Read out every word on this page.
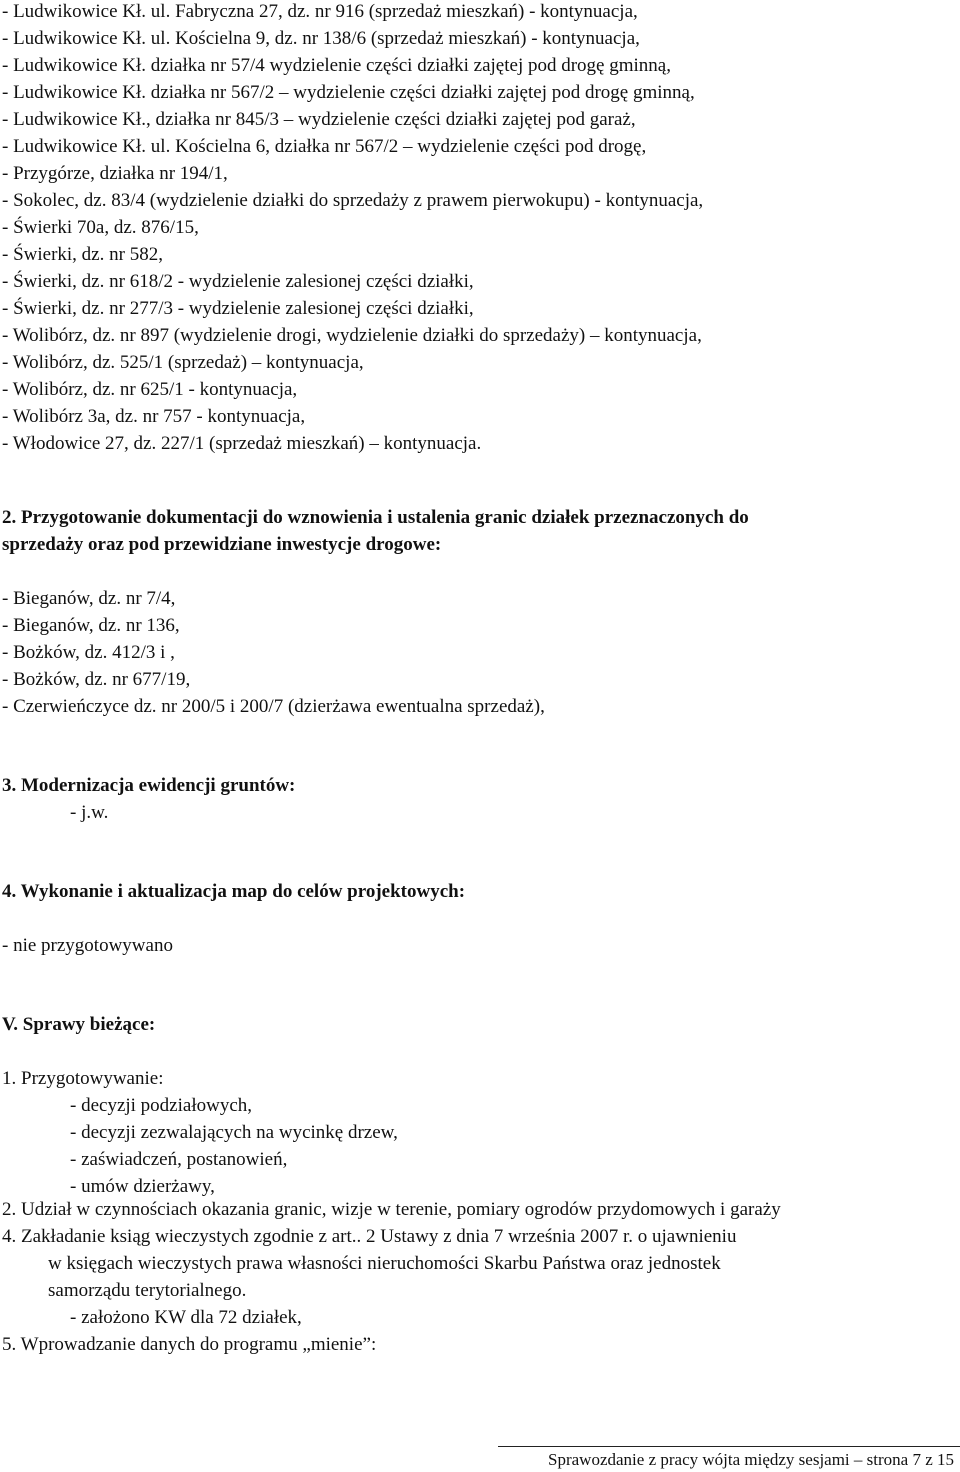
- Ludwikowice Kł. ul. Fabryczna 27, dz. nr 916 (sprzedaż mieszkań) - kontynuacja,
- Ludwikowice Kł. ul. Kościelna 9, dz. nr 138/6 (sprzedaż mieszkań) - kontynuacja,
- Ludwikowice Kł. działka nr 57/4 wydzielenie części działki zajętej pod drogę gminną,
- Ludwikowice Kł. działka nr 567/2 – wydzielenie części działki zajętej pod drogę gminną,
- Ludwikowice Kł., działka nr 845/3 – wydzielenie części działki zajętej pod garaż,
- Ludwikowice Kł. ul. Kościelna 6, działka nr 567/2 – wydzielenie części pod drogę,
- Przygórze, działka nr 194/1,
- Sokolec, dz. 83/4 (wydzielenie działki do sprzedaży z prawem pierwokupu) - kontynuacja,
- Świerki 70a, dz. 876/15,
- Świerki, dz. nr 582,
- Świerki, dz. nr 618/2 - wydzielenie zalesionej części działki,
- Świerki, dz. nr 277/3 - wydzielenie zalesionej części działki,
- Wolibórz, dz. nr 897 (wydzielenie drogi, wydzielenie działki do sprzedaży) – kontynuacja,
- Wolibórz, dz. 525/1 (sprzedaż) – kontynuacja,
- Wolibórz, dz. nr 625/1 - kontynuacja,
- Wolibórz 3a, dz. nr 757 - kontynuacja,
- Włodowice 27, dz. 227/1 (sprzedaż mieszkań) – kontynuacja.
2. Przygotowanie dokumentacji do wznowienia i ustalenia granic działek przeznaczonych do
sprzedaży oraz pod przewidziane inwestycje drogowe:
- Bieganów, dz. nr 7/4,
- Bieganów, dz. nr 136,
- Bożków, dz. 412/3 i ,
- Bożków, dz. nr 677/19,
- Czerwieńczyce dz. nr 200/5 i 200/7 (dzierżawa ewentualna sprzedaż),
3. Modernizacja ewidencji gruntów:
- j.w.
4. Wykonanie i aktualizacja map do celów projektowych:
- nie przygotowywano
V. Sprawy bieżące:
1. Przygotowywanie:
- decyzji podziałowych,
- decyzji zezwalających na wycinkę drzew,
- zaświadczeń, postanowień,
- umów dzierżawy,
2. Udział w czynnościach okazania granic, wizje w terenie, pomiary ogrodów przydomowych i garaży
4. Zakładanie ksiąg wieczystych zgodnie z art.. 2 Ustawy z dnia 7 września 2007 r. o ujawnieniu
w księgach wieczystych prawa własności nieruchomości Skarbu Państwa oraz jednostek
samorządu terytorialnego.
- założono KW dla 72 działek,
5. Wprowadzanie danych do programu „mienie”:
Sprawozdanie z pracy wójta między sesjami – strona 7 z 15
